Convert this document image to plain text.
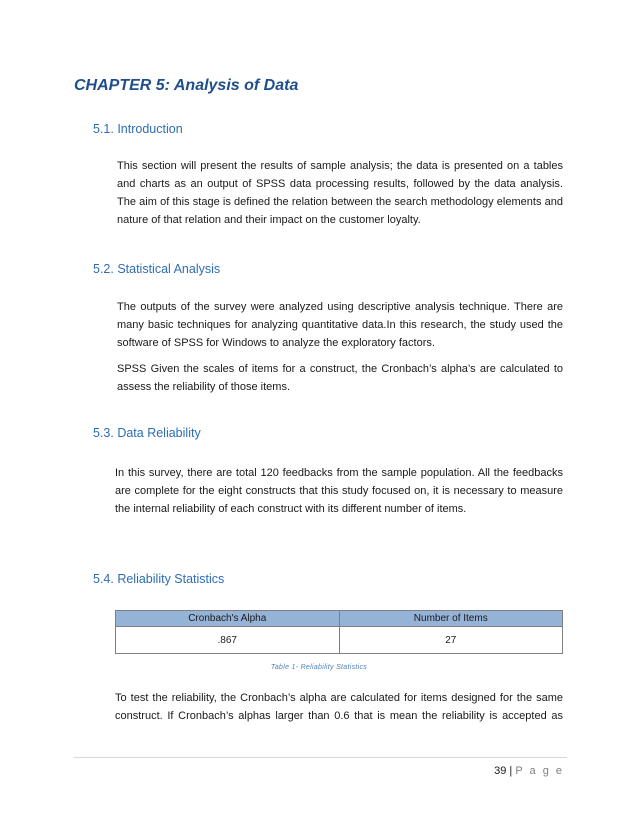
CHAPTER 5: Analysis of Data
5.1. Introduction

This section will present the results of sample analysis; the data is presented on a tables and charts as an output of SPSS data processing results, followed by the data analysis. The aim of this stage is defined the relation between the search methodology elements and nature of that relation and their impact on the customer loyalty.

5.2. Statistical Analysis

The outputs of the survey were analyzed using descriptive analysis technique. There are many basic techniques for analyzing quantitative data.In this research, the study used the software of SPSS for Windows to analyze the exploratory factors.

SPSS Given the scales of items for a construct, the Cronbach’s alpha’s are calculated to assess the reliability of those items.

5.3. Data Reliability

In this survey, there are total 120 feedbacks from the sample population. All the feedbacks are complete for the eight constructs that this study focused on, it is necessary to measure the internal reliability of each construct with its different number of items.

5.4. Reliability Statistics
Cronbach's Alpha	Number of Items
.867	27

Table 1- Reliability Statistics

To test the reliability, the Cronbach’s alpha are calculated for items designed for the same construct. If Cronbach’s alphas larger than 0.6 that is mean the reliability is accepted as

39 | P a g e
